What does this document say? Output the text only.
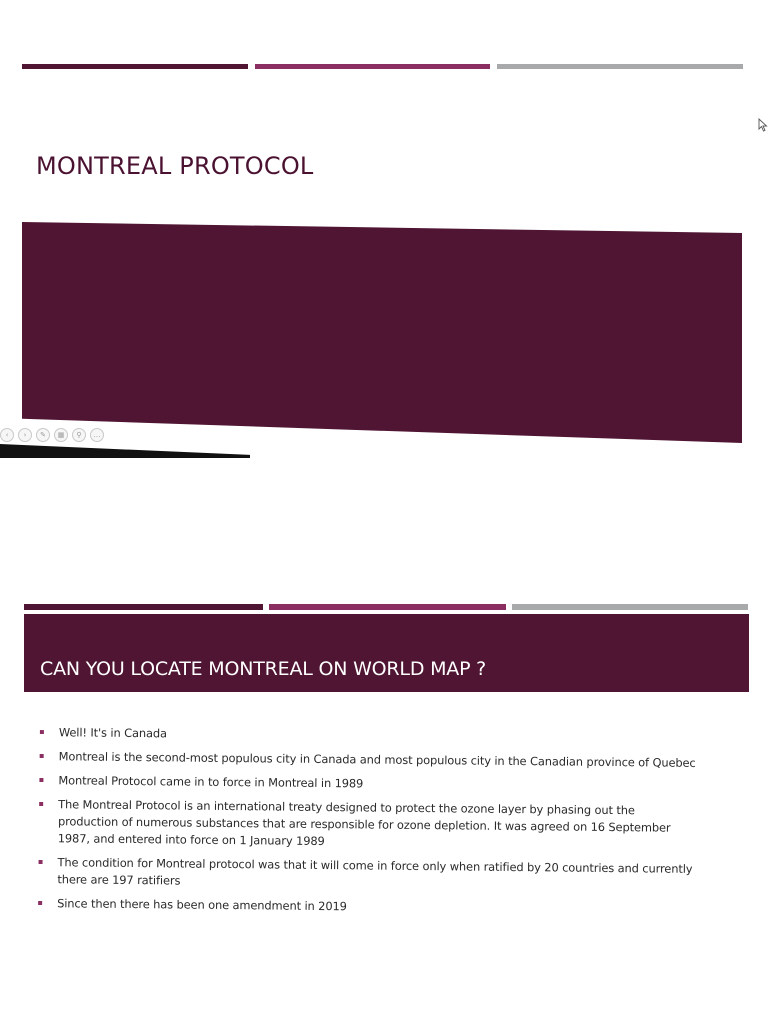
MONTREAL PROTOCOL
‹ › ✎ ▦ ⚲ …
CAN YOU LOCATE MONTREAL ON WORLD MAP ?
Well! It's in Canada
Montreal is the second-most populous city in Canada and most populous city in the Canadian province of Quebec
Montreal Protocol came in to force in Montreal in 1989
The Montreal Protocol is an international treaty designed to protect the ozone layer by phasing out the production of numerous substances that are responsible for ozone depletion. It was agreed on 16 September 1987, and entered into force on 1 January 1989
The condition for Montreal protocol was that it will come in force only when ratified by 20 countries and currently there are 197 ratifiers
Since then there has been one amendment in 2019
